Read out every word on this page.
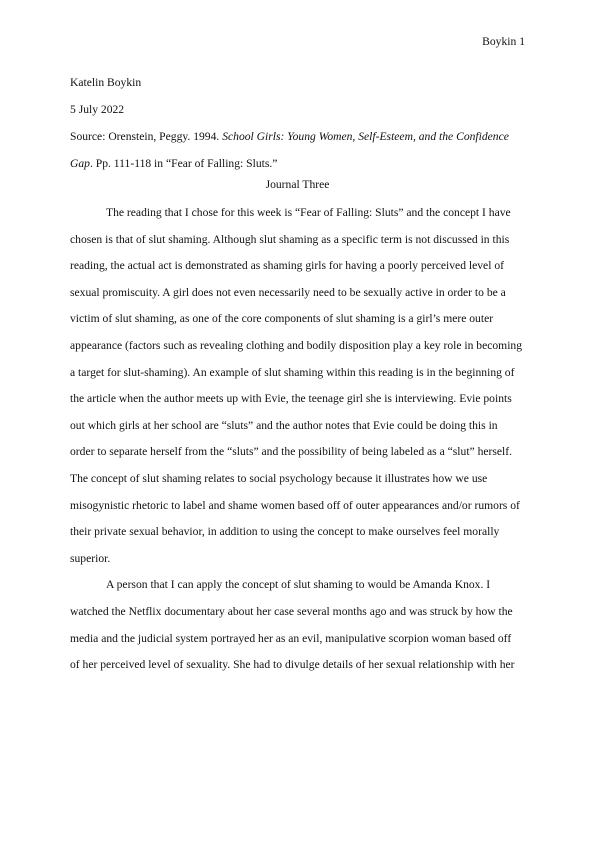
Boykin 1
Katelin Boykin
5 July 2022
Source: Orenstein, Peggy. 1994. School Girls: Young Women, Self-Esteem, and the Confidence
Gap. Pp. 111-118 in “Fear of Falling: Sluts.”
Journal Three
The reading that I chose for this week is “Fear of Falling: Sluts” and the concept I have
chosen is that of slut shaming. Although slut shaming as a specific term is not discussed in this
reading, the actual act is demonstrated as shaming girls for having a poorly perceived level of
sexual promiscuity. A girl does not even necessarily need to be sexually active in order to be a
victim of slut shaming, as one of the core components of slut shaming is a girl’s mere outer
appearance (factors such as revealing clothing and bodily disposition play a key role in becoming
a target for slut-shaming). An example of slut shaming within this reading is in the beginning of
the article when the author meets up with Evie, the teenage girl she is interviewing. Evie points
out which girls at her school are “sluts” and the author notes that Evie could be doing this in
order to separate herself from the “sluts” and the possibility of being labeled as a “slut” herself.
The concept of slut shaming relates to social psychology because it illustrates how we use
misogynistic rhetoric to label and shame women based off of outer appearances and/or rumors of
their private sexual behavior, in addition to using the concept to make ourselves feel morally
superior.
A person that I can apply the concept of slut shaming to would be Amanda Knox. I
watched the Netflix documentary about her case several months ago and was struck by how the
media and the judicial system portrayed her as an evil, manipulative scorpion woman based off
of her perceived level of sexuality. She had to divulge details of her sexual relationship with her
